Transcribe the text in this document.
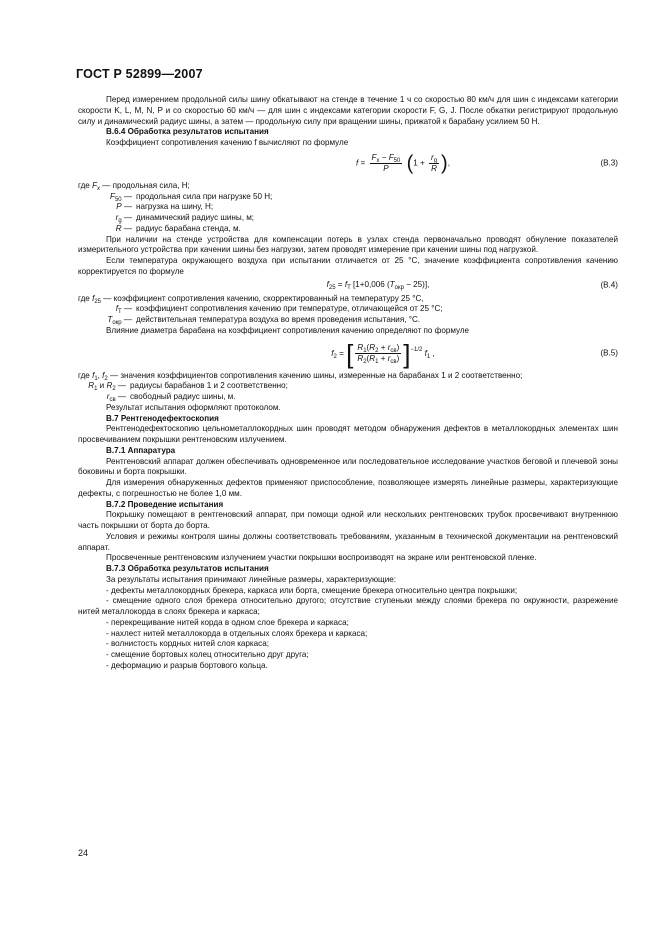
ГОСТ Р 52899—2007

Перед измерением продольной силы шину обкатывают на стенде в течение 1 ч со скоростью 80 км/ч для шин с индексами категории скорости K, L, M, N, P и со скоростью 60 км/ч — для шин с индексами категории скорости F, G, J. После обкатки регистрируют продольную силу и динамический радиус шины, а затем — продольную силу при вращении шины, прижатой к барабану усилием 50 Н.

В.6.4 Обработка результатов испытания

Коэффициент сопротивления качению f вычисляют по формуле

$f = \frac{F_x - F_{50}}{P} (1 + \frac{r_g}{R}$ ),	(В.3)
где $F_x$ —
продольная сила, Н;
$F_{50}$ — продольная сила при нагрузке 50 Н;
P — нагрузка на шину, Н;
$r_g$ — динамический радиус шины, м;
R — радиус барабана стенда, м.

При наличии на стенде устройства для компенсации потерь в узлах стенда первоначально проводят обнуление показателей измерительного устройства при качении шины без нагрузки, затем проводят измерение при качении шины под нагрузкой.

Если температура окружающего воздуха при испытании отличается от 25 °С, значение коэффициента сопротивления качению корректируется по формуле

$f_{25} = f_T$ [1+0,006 $(T_{окр} - 25)$],	(В.4)
где $f_{25}$ —
коэффициент сопротивления качению, скорректированный на температуру 25 °С,
$f_T$ — коэффициент сопротивления качению при температуре, отличающейся от 25 °С;
$T_{окр}$ — действительная температура воздуха во время проведения испытания, °С.

Влияние диаметра барабана на коэффициент сопротивления качению определяют по формуле

$f_2$ = [ $\frac{R_1(R_2 + r_{св})}{R_2(R_1 + r_{св})} ]^{-1/2}$ $f_1$ ,	(В.5)
где $f_1$, $f_2$ —
значения коэффициентов сопротивления качению шины, измеренные на барабанах 1 и 2 соответственно;
$R_1$ и $R_2$ — радиусы барабанов 1 и 2 соответственно;
$r_{св}$ — свободный радиус шины, м.

Результат испытания оформляют протоколом.

В.7 Рентгенодефектоскопия

Рентгенодефектоскопию цельнометаллокордных шин проводят методом обнаружения дефектов в металлокордных элементах шин просвечиванием покрышки рентгеновским излучением.

В.7.1 Аппаратура

Рентгеновский аппарат должен обеспечивать одновременное или последовательное исследование участков беговой и плечевой зоны боковины и борта покрышки.

Для измерения обнаруженных дефектов применяют приспособление, позволяющее измерять линейные размеры, характеризующие дефекты, с погрешностью не более 1,0 мм.

В.7.2 Проведение испытания

Покрышку помещают в рентгеновский аппарат, при помощи одной или нескольких рентгеновских трубок просвечивают внутреннюю часть покрышки от борта до борта.

Условия и режимы контроля шины должны соответствовать требованиям, указанным в технической документации на рентгеновский аппарат.

Просвеченные рентгеновским излучением участки покрышки воспроизводят на экране или рентгеновской пленке.

В.7.3 Обработка результатов испытания

За результаты испытания принимают линейные размеры, характеризующие:

- дефекты металлокордных брекера, каркаса или борта, смещение брекера относительно центра покрышки;

- смещение одного слоя брекера относительно другого; отсутствие ступеньки между слоями брекера по окружности, разрежение нитей металлокорда в слоях брекера и каркаса;

- перекрещивание нитей корда в одном слое брекера и каркаса;

- нахлест нитей металлокорда в отдельных слоях брекера и каркаса;

- волнистость кордных нитей слоя каркаса;

- смещение бортовых колец относительно друг друга;

- деформацию и разрыв бортового кольца.

24
